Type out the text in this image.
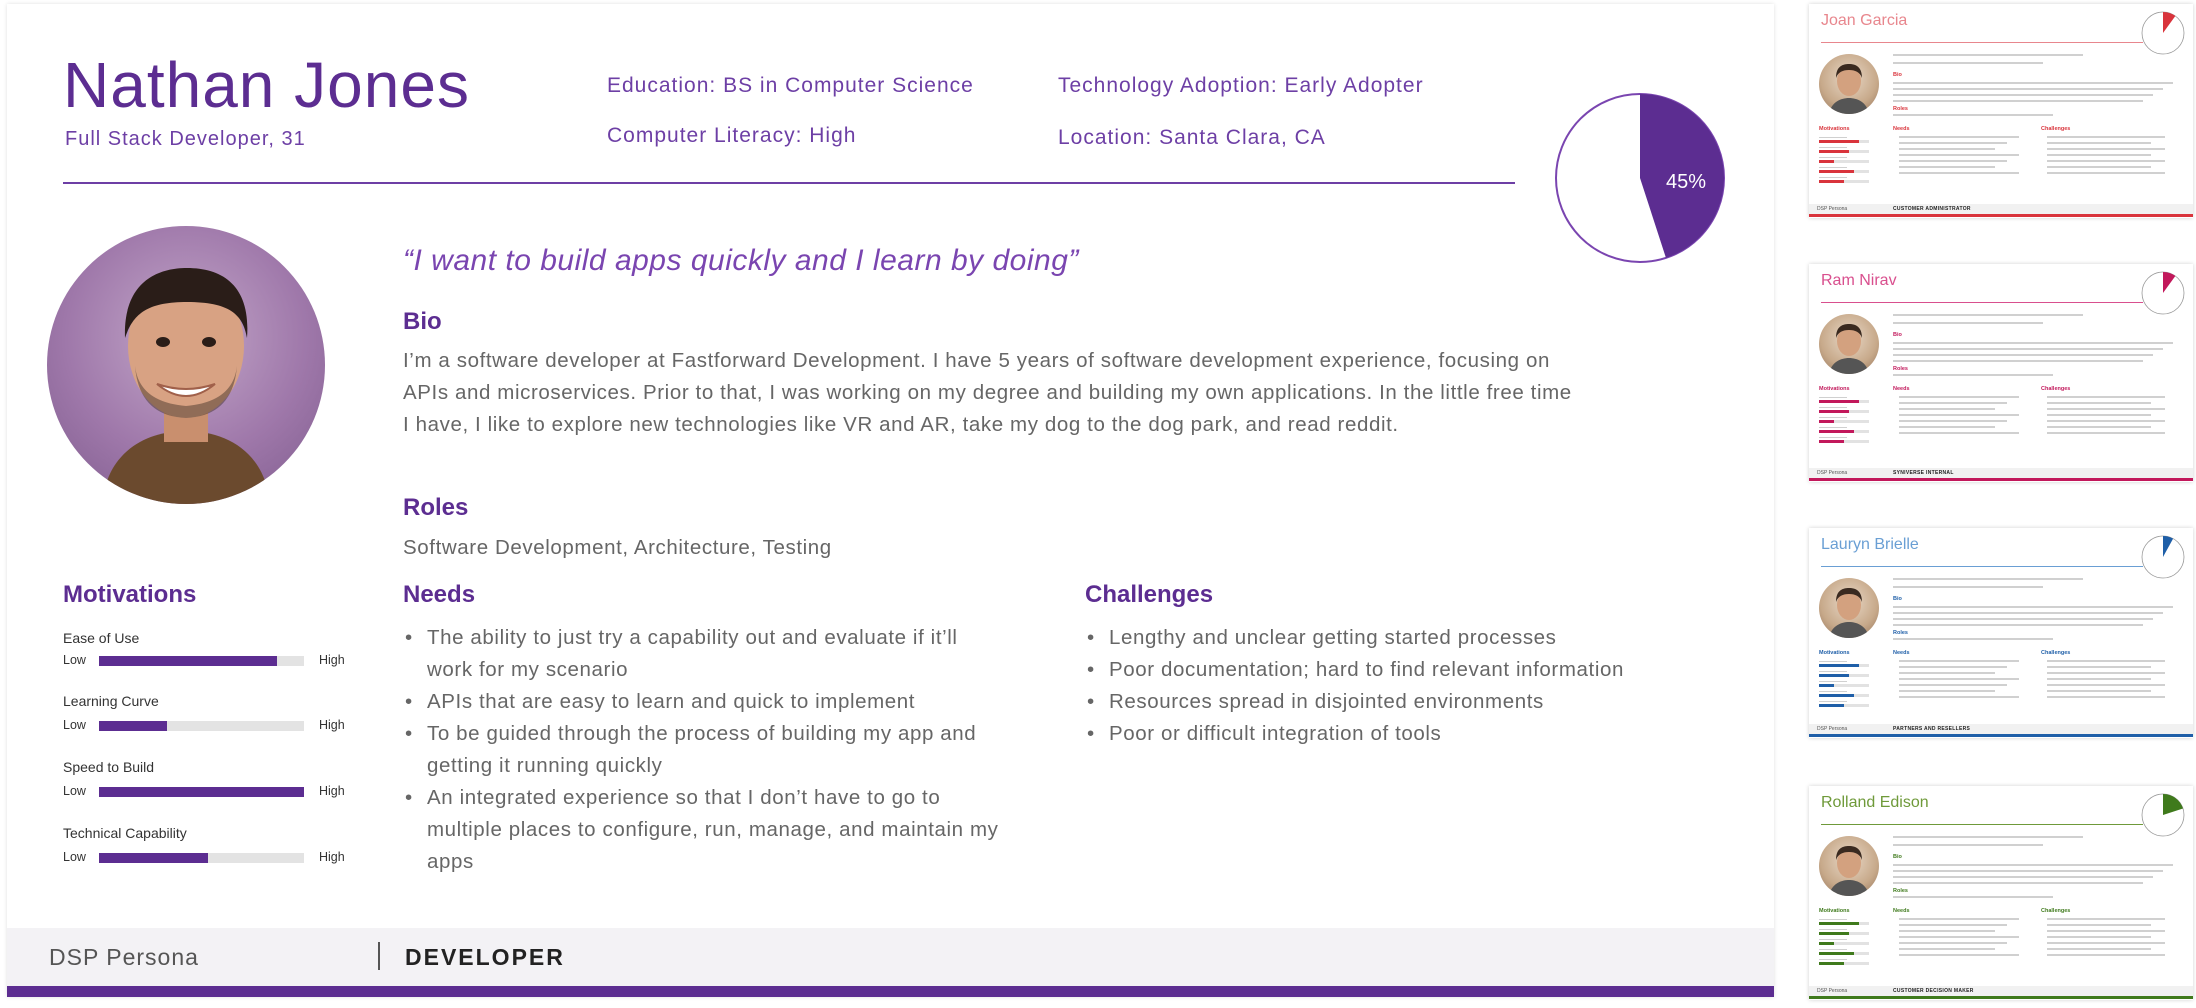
Nathan Jones
Full Stack Developer, 31
Education: BS in Computer Science
Computer Literacy: High
Technology Adoption: Early Adopter
Location: Santa Clara, CA
45%
“I want to build apps quickly and I learn by doing”
Bio
I’m a software developer at Fastforward Development. I have 5 years of software development experience, focusing on APIs and microservices. Prior to that, I was working on my degree and building my own applications. In the little free time I have, I like to explore new technologies like VR and AR, take my dog to the dog park, and read reddit.
Roles
Software Development, Architecture, Testing
Motivations
Ease of Use
Low	High
Learning Curve
Low	High
Speed to Build
Low	High
Technical Capability
Low	High
Needs
• The ability to just try a capability out and evaluate if it’ll work for my scenario
• APIs that are easy to learn and quick to implement
• To be guided through the process of building my app and getting it running quickly
• An integrated experience so that I don’t have to go to multiple places to configure, run, manage, and maintain my apps
Challenges
• Lengthy and unclear getting started processes
• Poor documentation; hard to find relevant information
• Resources spread in disjointed environments
• Poor or difficult integration of tools
DSP Persona	DEVELOPER
Joan Garcia
Bio
Roles
Motivations	Needs	Challenges
DSP Persona	CUSTOMER ADMINISTRATOR
Ram Nirav
Bio
Roles
Motivations	Needs	Challenges
DSP Persona	SYNIVERSE INTERNAL
Lauryn Brielle
Bio
Roles
Motivations	Needs	Challenges
DSP Persona	PARTNERS AND RESELLERS
Rolland Edison
Bio
Roles
Motivations	Needs	Challenges
DSP Persona	CUSTOMER DECISION MAKER
